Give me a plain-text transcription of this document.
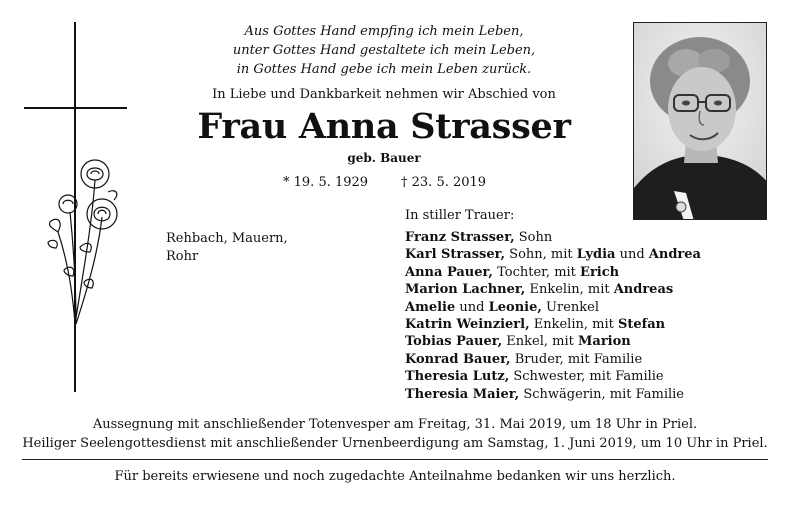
Aus Gottes Hand empfing ich mein Leben,
unter Gottes Hand gestaltete ich mein Leben,
in Gottes Hand gebe ich mein Leben zurück.
In Liebe und Dankbarkeit nehmen wir Abschied von
Frau Anna Strasser
geb. Bauer
* 19. 5. 1929	† 23. 5. 2019
Rehbach, Mauern,
Rohr
In stiller Trauer:
Franz Strasser, Sohn
Karl Strasser, Sohn, mit Lydia und Andrea
Anna Pauer, Tochter, mit Erich
Marion Lachner, Enkelin, mit Andreas
Amelie und Leonie, Urenkel
Katrin Weinzierl, Enkelin, mit Stefan
Tobias Pauer, Enkel, mit Marion
Konrad Bauer, Bruder, mit Familie
Theresia Lutz, Schwester, mit Familie
Theresia Maier, Schwägerin, mit Familie
Aussegnung mit anschließender Totenvesper am Freitag, 31. Mai 2019, um 18 Uhr in Priel.
Heiliger Seelengottesdienst mit anschließender Urnenbeerdigung am Samstag, 1. Juni 2019, um 10 Uhr in Priel.
Für bereits erwiesene und noch zugedachte Anteilnahme bedanken wir uns herzlich.
